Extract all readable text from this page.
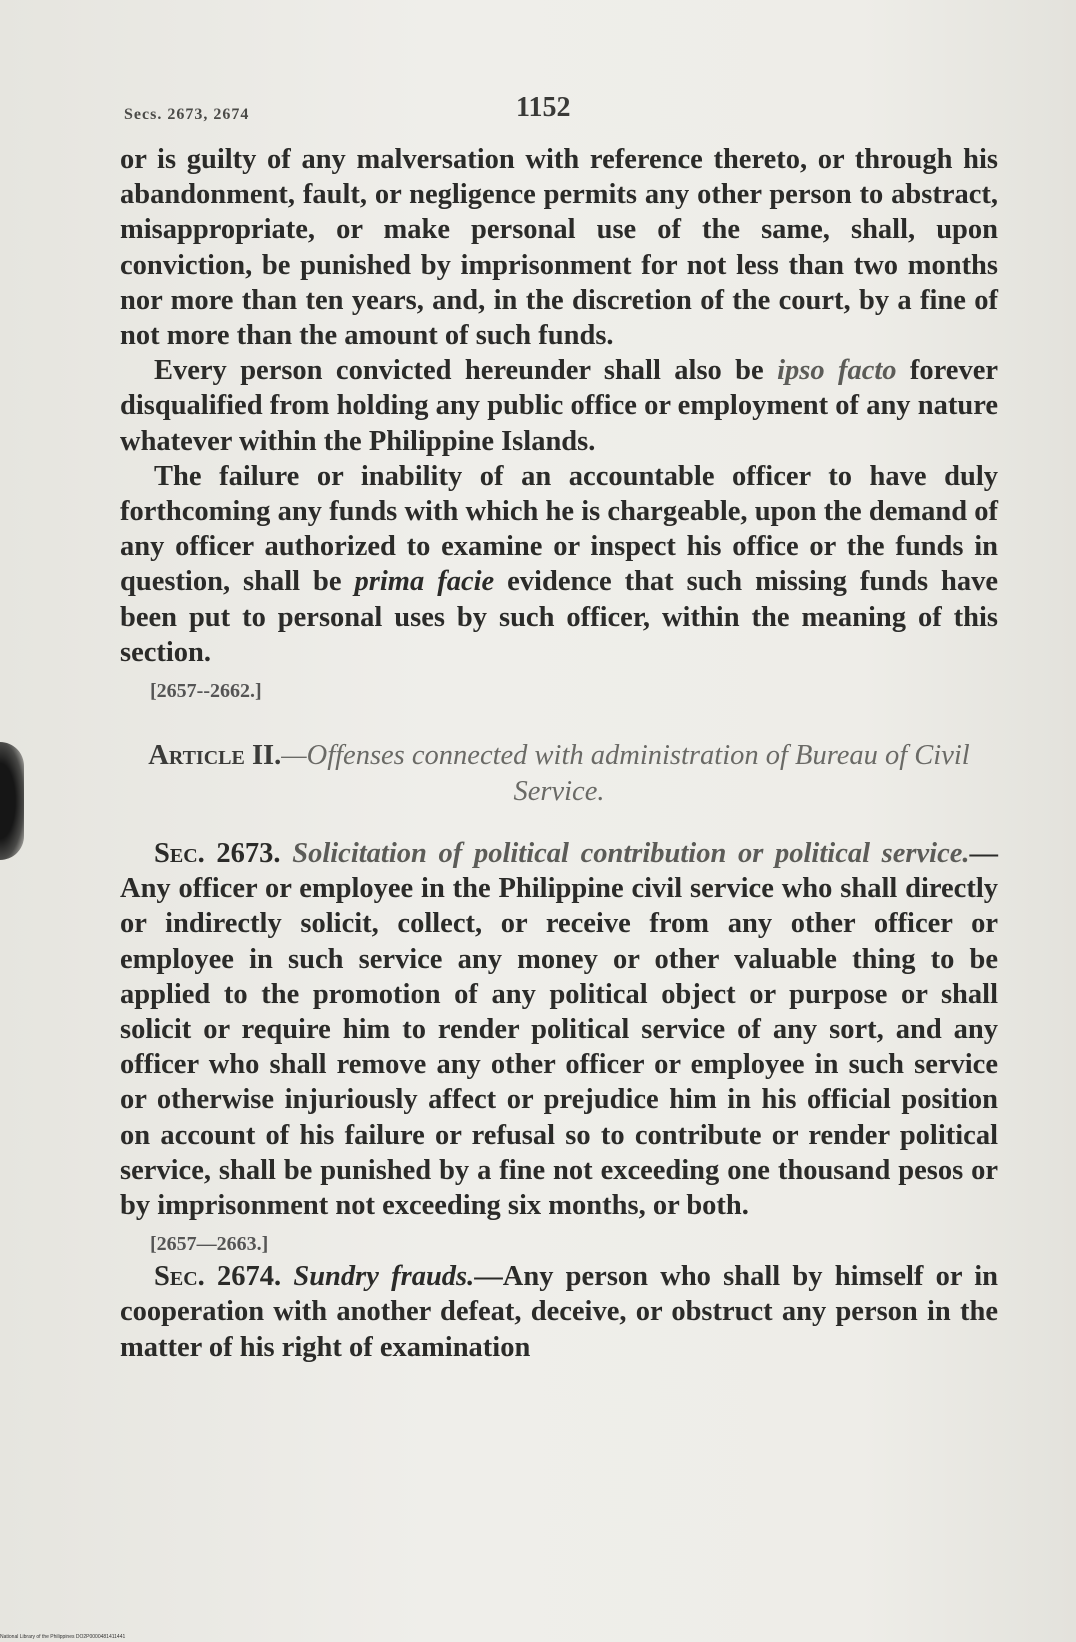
Secs. 2673, 2674	1152

or is guilty of any malversation with reference thereto, or through his abandonment, fault, or negligence permits any other person to abstract, misappropriate, or make personal use of the same, shall, upon conviction, be punished by imprisonment for not less than two months nor more than ten years, and, in the discretion of the court, by a fine of not more than the amount of such funds.

Every person convicted hereunder shall also be ipso facto forever disqualified from holding any public office or employment of any nature whatever within the Philippine Islands.

The failure or inability of an accountable officer to have duly forthcoming any funds with which he is chargeable, upon the demand of any officer authorized to examine or inspect his office or the funds in question, shall be prima facie evidence that such missing funds have been put to personal uses by such officer, within the meaning of this section.

[2657--2662.]

Article II.—Offenses connected with administration of Bureau of Civil Service.

Sec. 2673. Solicitation of political contribution or political service.—Any officer or employee in the Philippine civil service who shall directly or indirectly solicit, collect, or receive from any other officer or employee in such service any money or other valuable thing to be applied to the promotion of any political object or purpose or shall solicit or require him to render political service of any sort, and any officer who shall remove any other officer or employee in such service or otherwise injuriously affect or prejudice him in his official position on account of his failure or refusal so to contribute or render political service, shall be punished by a fine not exceeding one thousand pesos or by imprisonment not exceeding six months, or both.

[2657—2663.]

Sec. 2674. Sundry frauds.—Any person who shall by himself or in cooperation with another defeat, deceive, or obstruct any person in the matter of his right of examination

National Library of the Philippines DO2P0000481411441
